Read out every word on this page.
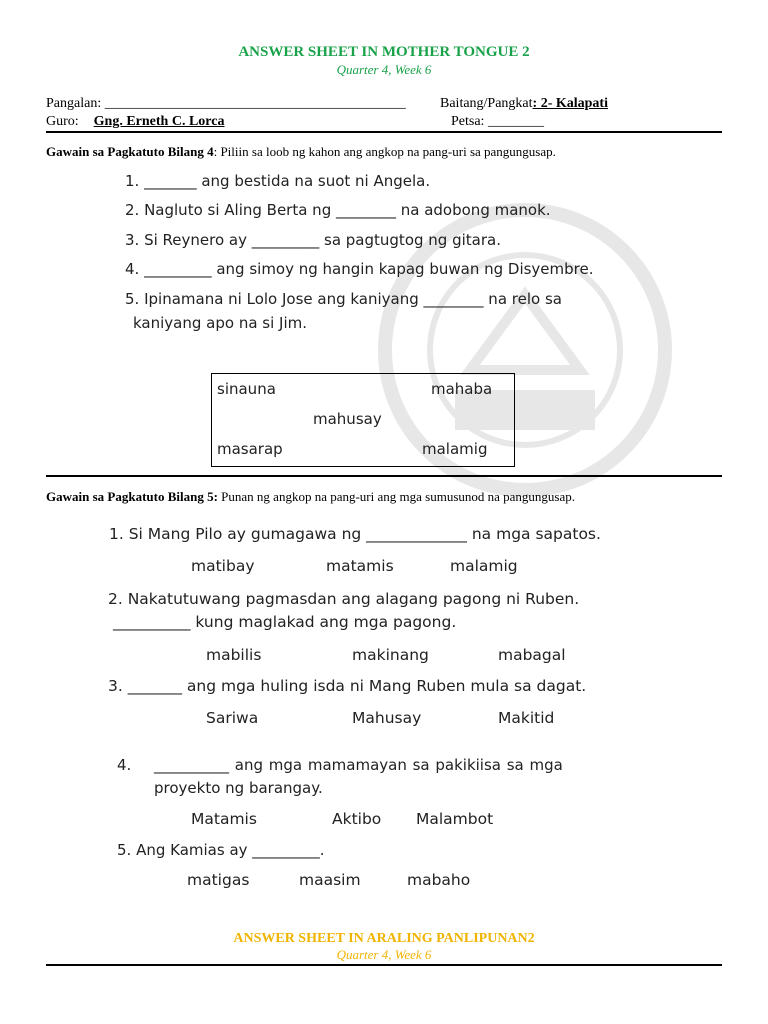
ANSWER SHEET IN MOTHER TONGUE 2
Quarter 4, Week 6
Pangalan: ___________________________________________ Baitang/Pangkat: 2- Kalapati
Guro: Gng. Erneth C. Lorca	Petsa: ________
Gawain sa Pagkatuto Bilang 4: Piliin sa loob ng kahon ang angkop na pang-uri sa pangungusap.
1. _______ ang bestida na suot ni Angela.
2. Nagluto si Aling Berta ng ________ na adobong manok.
3. Si Reynero ay _________ sa pagtugtog ng gitara.
4. _________ ang simoy ng hangin kapag buwan ng Disyembre.
5. Ipinamana ni Lolo Jose ang kaniyang ________ na relo sa
kaniyang apo na si Jim.
sinauna	mahaba
mahusay
masarap	malamig
Gawain sa Pagkatuto Bilang 5: Punan ng angkop na pang-uri ang mga sumusunod na pangungusap.
1. Si Mang Pilo ay gumagawa ng _____________ na mga sapatos.
matibay	matamis	malamig
2. Nakatutuwang pagmasdan ang alagang pagong ni Ruben.
__________ kung maglakad ang mga pagong.
mabilis	makinang	mabagal
3. _______ ang mga huling isda ni Mang Ruben mula sa dagat.
Sariwa	Mahusay	Makitid
4. __________ ang mga mamamayan sa pakikiisa sa mga
proyekto ng barangay.
Matamis	Aktibo Malambot
5. Ang Kamias ay _________.
matigas	maasim	mabaho
ANSWER SHEET IN ARALING PANLIPUNAN2
Quarter 4, Week 6
